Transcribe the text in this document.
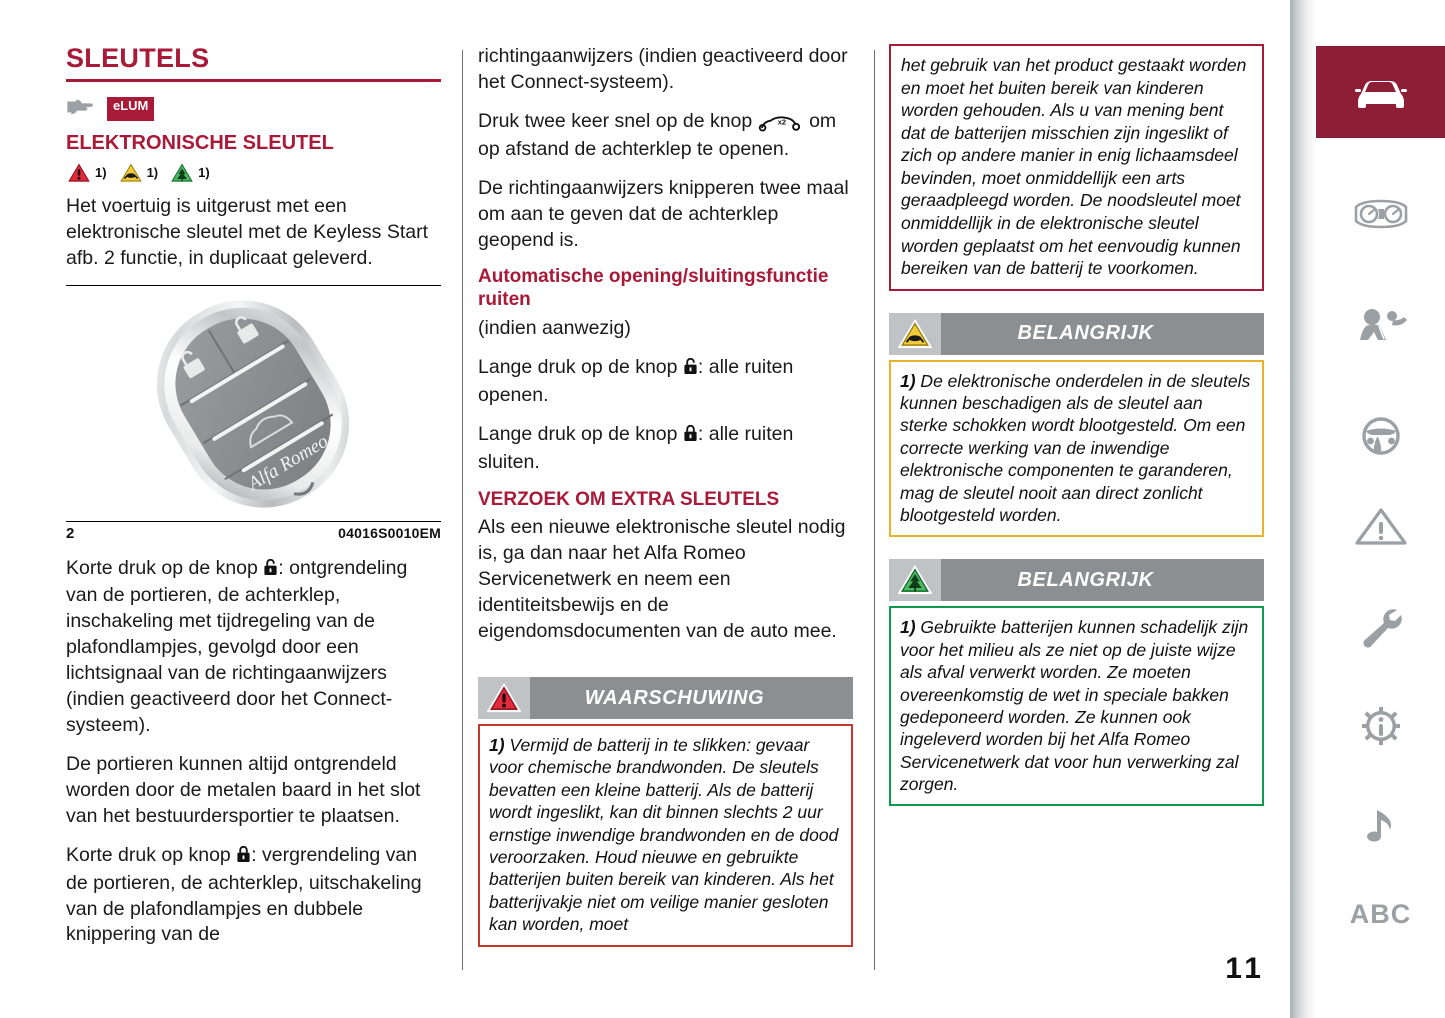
SLEUTELS
eLUM
ELEKTRONISCHE SLEUTEL
1)	1)	1)

Het voertuig is uitgerust met een elektronische sleutel met de Keyless Start afb. 2 functie, in duplicaat geleverd.

Alfa Romeo
2	04016S0010EM

Korte druk op de knop : ontgrendeling van de portieren, de achterklep, inschakeling met tijdregeling van de plafondlampjes, gevolgd door een lichtsignaal van de richtingaanwijzers (indien geactiveerd door het Connect-systeem).

De portieren kunnen altijd ontgrendeld worden door de metalen baard in het slot van het bestuurdersportier te plaatsen.

Korte druk op knop : vergrendeling van de portieren, de achterklep, uitschakeling van de plafondlampjes en dubbele knippering van de

richtingaanwijzers (indien geactiveerd door het Connect-systeem).

Druk twee keer snel op de knop x2 om op afstand de achterklep te openen.

De richtingaanwijzers knipperen twee maal om aan te geven dat de achterklep geopend is.

Automatische opening/sluitingsfunctie ruiten

(indien aanwezig)

Lange druk op de knop : alle ruiten openen.

Lange druk op de knop : alle ruiten sluiten.

VERZOEK OM EXTRA SLEUTELS

Als een nieuwe elektronische sleutel nodig is, ga dan naar het Alfa Romeo Servicenetwerk en neem een identiteitsbewijs en de eigendomsdocumenten van de auto mee.

WAARSCHUWING
1) Vermijd de batterij in te slikken: gevaar voor chemische brandwonden. De sleutels bevatten een kleine batterij. Als de batterij wordt ingeslikt, kan dit binnen slechts 2 uur ernstige inwendige brandwonden en de dood veroorzaken. Houd nieuwe en gebruikte batterijen buiten bereik van kinderen. Als het batterijvakje niet om veilige manier gesloten kan worden, moet
het gebruik van het product gestaakt worden en moet het buiten bereik van kinderen worden gehouden. Als u van mening bent dat de batterijen misschien zijn ingeslikt of zich op andere manier in enig lichaamsdeel bevinden, moet onmiddellijk een arts geraadpleegd worden. De noodsleutel moet onmiddellijk in de elektronische sleutel worden geplaatst om het eenvoudig kunnen bereiken van de batterij te voorkomen.
BELANGRIJK
1) De elektronische onderdelen in de sleutels kunnen beschadigen als de sleutel aan sterke schokken wordt blootgesteld. Om een correcte werking van de inwendige elektronische componenten te garanderen, mag de sleutel nooit aan direct zonlicht blootgesteld worden.
BELANGRIJK
1) Gebruikte batterijen kunnen schadelijk zijn voor het milieu als ze niet op de juiste wijze als afval verwerkt worden. Ze moeten overeenkomstig de wet in speciale bakken gedeponeerd worden. Ze kunnen ook ingeleverd worden bij het Alfa Romeo Servicenetwerk dat voor hun verwerking zal zorgen.
11
ABC
